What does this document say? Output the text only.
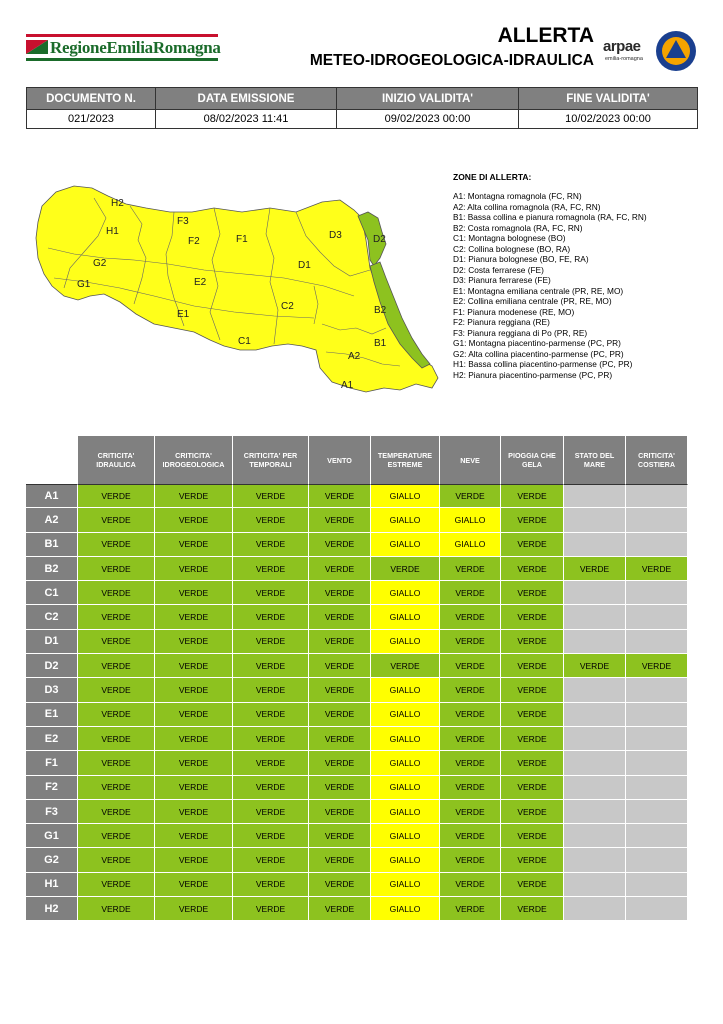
RegioneEmiliaRomagna
ALLERTA
METEO-IDROGEOLOGICA-IDRAULICA
arpae
emilia-romagna
DOCUMENTO N.	DATA EMISSIONE	INIZIO VALIDITA'	FINE VALIDITA'
021/2023	08/02/2023 11:41	09/02/2023 00:00	10/02/2023 00:00
H2
F3
H1
F2	F1	D3	D2
G2	D1
G1	E2
C2	B2
E1
C1	B1
A2
A1
ZONE DI ALLERTA:
A1: Montagna romagnola (FC, RN)
A2: Alta collina romagnola (RA, FC, RN)
B1: Bassa collina e pianura romagnola (RA, FC, RN)
B2: Costa romagnola (RA, FC, RN)
C1: Montagna bolognese (BO)
C2: Collina bolognese (BO, RA)
D1: Pianura bolognese (BO, FE, RA)
D2: Costa ferrarese (FE)
D3: Pianura ferrarese (FE)
E1: Montagna emiliana centrale (PR, RE, MO)
E2: Collina emiliana centrale (PR, RE, MO)
F1: Pianura modenese (RE, MO)
F2: Pianura reggiana (RE)
F3: Pianura reggiana di Po (PR, RE)
G1: Montagna piacentino-parmense (PC, PR)
G2: Alta collina piacentino-parmense (PC, PR)
H1: Bassa collina piacentino-parmense (PC, PR)
H2: Pianura piacentino-parmense (PC, PR)
	CRITICITA' IDRAULICA	CRITICITA' IDROGEOLOGICA	CRITICITA' PER TEMPORALI	VENTO	TEMPERATURE ESTREME	NEVE	PIOGGIA CHE GELA	STATO DEL MARE	CRITICITA' COSTIERA
A1	VERDE	VERDE	VERDE	VERDE	GIALLO	VERDE	VERDE		
A2	VERDE	VERDE	VERDE	VERDE	GIALLO	GIALLO	VERDE		
B1	VERDE	VERDE	VERDE	VERDE	GIALLO	GIALLO	VERDE		
B2	VERDE	VERDE	VERDE	VERDE	VERDE	VERDE	VERDE	VERDE	VERDE
C1	VERDE	VERDE	VERDE	VERDE	GIALLO	VERDE	VERDE		
C2	VERDE	VERDE	VERDE	VERDE	GIALLO	VERDE	VERDE		
D1	VERDE	VERDE	VERDE	VERDE	GIALLO	VERDE	VERDE		
D2	VERDE	VERDE	VERDE	VERDE	VERDE	VERDE	VERDE	VERDE	VERDE
D3	VERDE	VERDE	VERDE	VERDE	GIALLO	VERDE	VERDE		
E1	VERDE	VERDE	VERDE	VERDE	GIALLO	VERDE	VERDE		
E2	VERDE	VERDE	VERDE	VERDE	GIALLO	VERDE	VERDE		
F1	VERDE	VERDE	VERDE	VERDE	GIALLO	VERDE	VERDE		
F2	VERDE	VERDE	VERDE	VERDE	GIALLO	VERDE	VERDE		
F3	VERDE	VERDE	VERDE	VERDE	GIALLO	VERDE	VERDE		
G1	VERDE	VERDE	VERDE	VERDE	GIALLO	VERDE	VERDE		
G2	VERDE	VERDE	VERDE	VERDE	GIALLO	VERDE	VERDE		
H1	VERDE	VERDE	VERDE	VERDE	GIALLO	VERDE	VERDE		
H2	VERDE	VERDE	VERDE	VERDE	GIALLO	VERDE	VERDE		
